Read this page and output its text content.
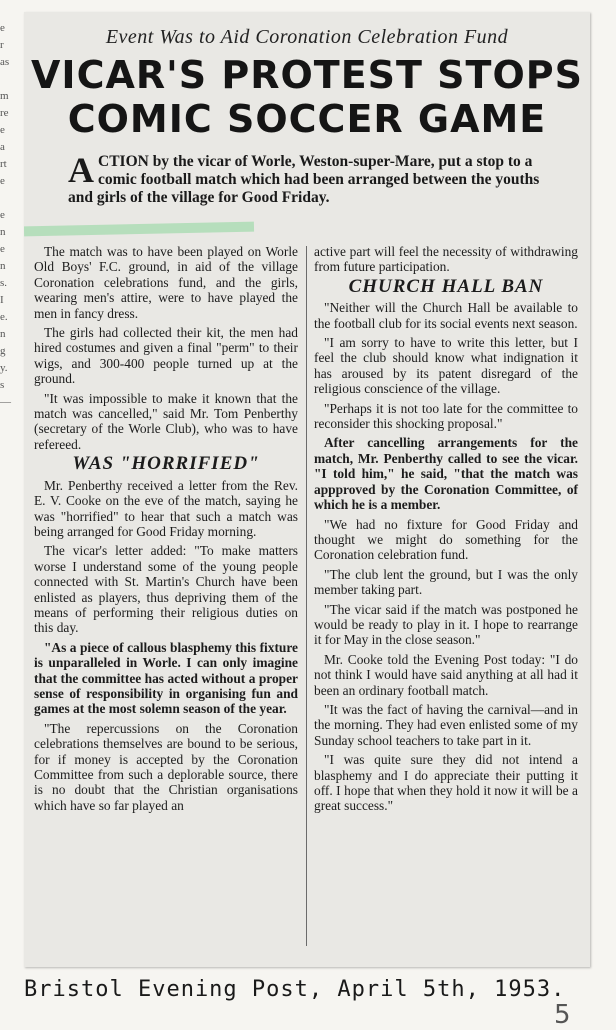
e
r
as

m
re
e
a
rt
e

e
n
e
n
s.
I
e.
n
g
y.
s
—
Event Was to Aid Coronation Celebration Fund
VICAR'S PROTEST STOPS
COMIC SOCCER GAME
ACTION by the vicar of Worle, Weston-super-Mare, put a stop to a comic football match which had been arranged between the youths and girls of the village for Good Friday.

The match was to have been played on Worle Old Boys' F.C. ground, in aid of the village Coronation celebrations fund, and the girls, wearing men's attire, were to have played the men in fancy dress.

The girls had collected their kit, the men had hired costumes and given a final "perm" to their wigs, and 300-400 people turned up at the ground.

"It was impossible to make it known that the match was cancelled," said Mr. Tom Penberthy (secretary of the Worle Club), who was to have refereed.

WAS "HORRIFIED"

Mr. Penberthy received a letter from the Rev. E. V. Cooke on the eve of the match, saying he was "horrified" to hear that such a match was being arranged for Good Friday morning.

The vicar's letter added: "To make matters worse I understand some of the young people connected with St. Martin's Church have been enlisted as players, thus depriving them of the means of performing their religious duties on this day.

"As a piece of callous blasphemy this fixture is unparalleled in Worle. I can only imagine that the committee has acted without a proper sense of responsibility in organising fun and games at the most solemn season of the year.

"The repercussions on the Coronation celebrations themselves are bound to be serious, for if money is accepted by the Coronation Committee from such a deplorable source, there is no doubt that the Christian organisations which have so far played an

active part will feel the necessity of withdrawing from future participation.

CHURCH HALL BAN

"Neither will the Church Hall be available to the football club for its social events next season.

"I am sorry to have to write this letter, but I feel the club should know what indignation it has aroused by its patent disregard of the religious conscience of the village.

"Perhaps it is not too late for the committee to reconsider this shocking proposal."

After cancelling arrangements for the match, Mr. Penberthy called to see the vicar. "I told him," he said, "that the match was appproved by the Coronation Committee, of which he is a member.

"We had no fixture for Good Friday and thought we might do something for the Coronation celebration fund.

"The club lent the ground, but I was the only member taking part.

"The vicar said if the match was postponed he would be ready to play in it. I hope to rearrange it for May in the close season."

Mr. Cooke told the Evening Post today: "I do not think I would have said anything at all had it been an ordinary football match.

"It was the fact of having the carnival—and in the morning. They had even enlisted some of my Sunday school teachers to take part in it.

"I was quite sure they did not intend a blasphemy and I do appreciate their putting it off. I hope that when they hold it now it will be a great success."

Bristol Evening Post, April 5th, 1953.
5
